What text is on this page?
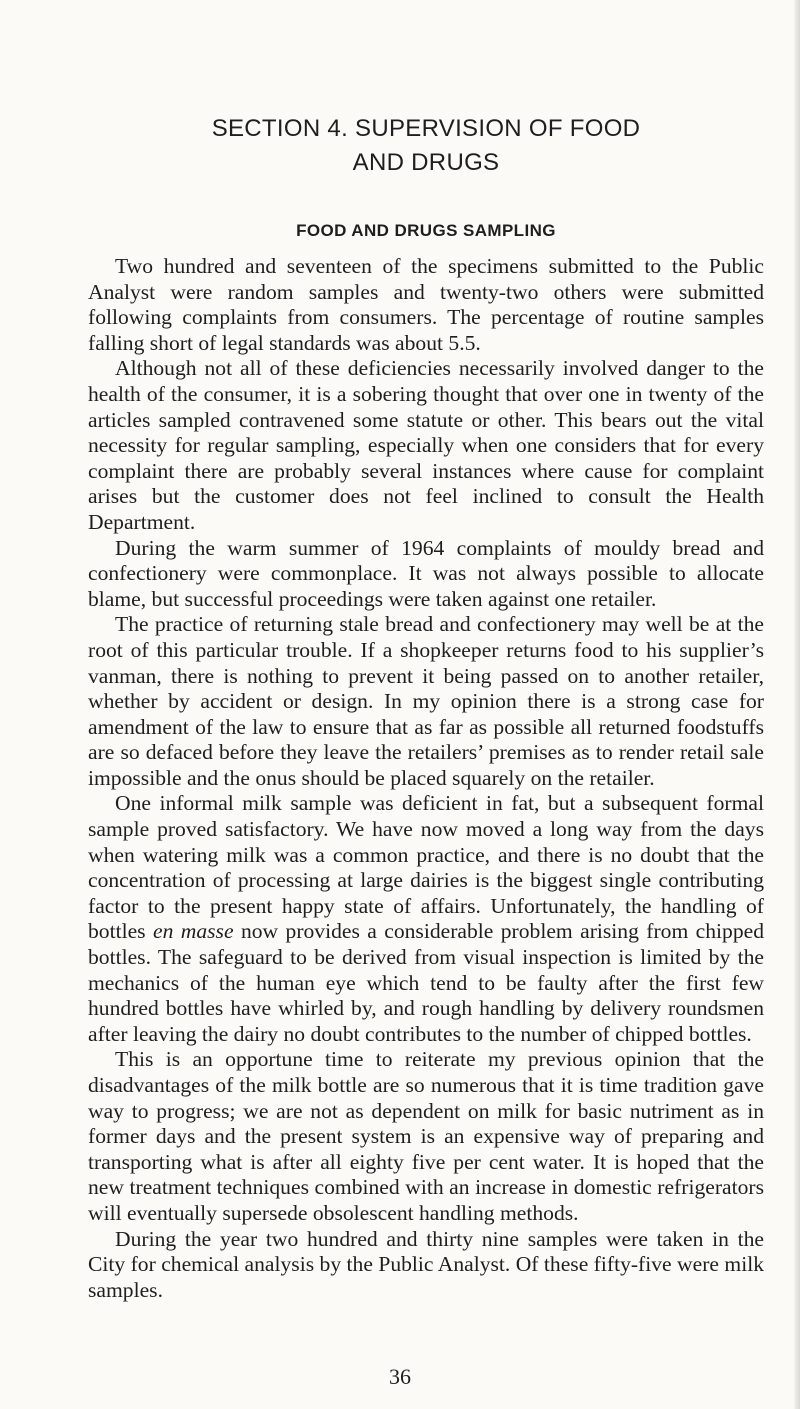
SECTION 4. SUPERVISION OF FOOD
AND DRUGS
FOOD AND DRUGS SAMPLING

Two hundred and seventeen of the specimens submitted to the Public Analyst were random samples and twenty-two others were submitted following complaints from consumers. The percentage of routine samples falling short of legal standards was about 5.5.

Although not all of these deficiencies necessarily involved danger to the health of the consumer, it is a sobering thought that over one in twenty of the articles sampled contravened some statute or other. This bears out the vital necessity for regular sampling, especially when one considers that for every complaint there are probably several instances where cause for complaint arises but the customer does not feel inclined to consult the Health Department.

During the warm summer of 1964 complaints of mouldy bread and confectionery were commonplace. It was not always possible to allocate blame, but successful proceedings were taken against one retailer.

The practice of returning stale bread and confectionery may well be at the root of this particular trouble. If a shopkeeper returns food to his supplier’s vanman, there is nothing to prevent it being passed on to another retailer, whether by accident or design. In my opinion there is a strong case for amendment of the law to ensure that as far as possible all returned foodstuffs are so defaced before they leave the retailers’ premises as to render retail sale impossible and the onus should be placed squarely on the retailer.

One informal milk sample was deficient in fat, but a subsequent formal sample proved satisfactory. We have now moved a long way from the days when watering milk was a common practice, and there is no doubt that the concentration of processing at large dairies is the biggest single contributing factor to the present happy state of affairs. Unfortunately, the handling of bottles en masse now provides a considerable problem arising from chipped bottles. The safeguard to be derived from visual inspection is limited by the mechanics of the human eye which tend to be faulty after the first few hundred bottles have whirled by, and rough handling by delivery roundsmen after leaving the dairy no doubt contributes to the number of chipped bottles.

This is an opportune time to reiterate my previous opinion that the disadvantages of the milk bottle are so numerous that it is time tradition gave way to progress; we are not as dependent on milk for basic nutriment as in former days and the present system is an expensive way of preparing and transporting what is after all eighty five per cent water. It is hoped that the new treatment techniques combined with an increase in domestic refrigerators will eventually supersede obsolescent handling methods.

During the year two hundred and thirty nine samples were taken in the City for chemical analysis by the Public Analyst. Of these fifty-five were milk samples.

36
